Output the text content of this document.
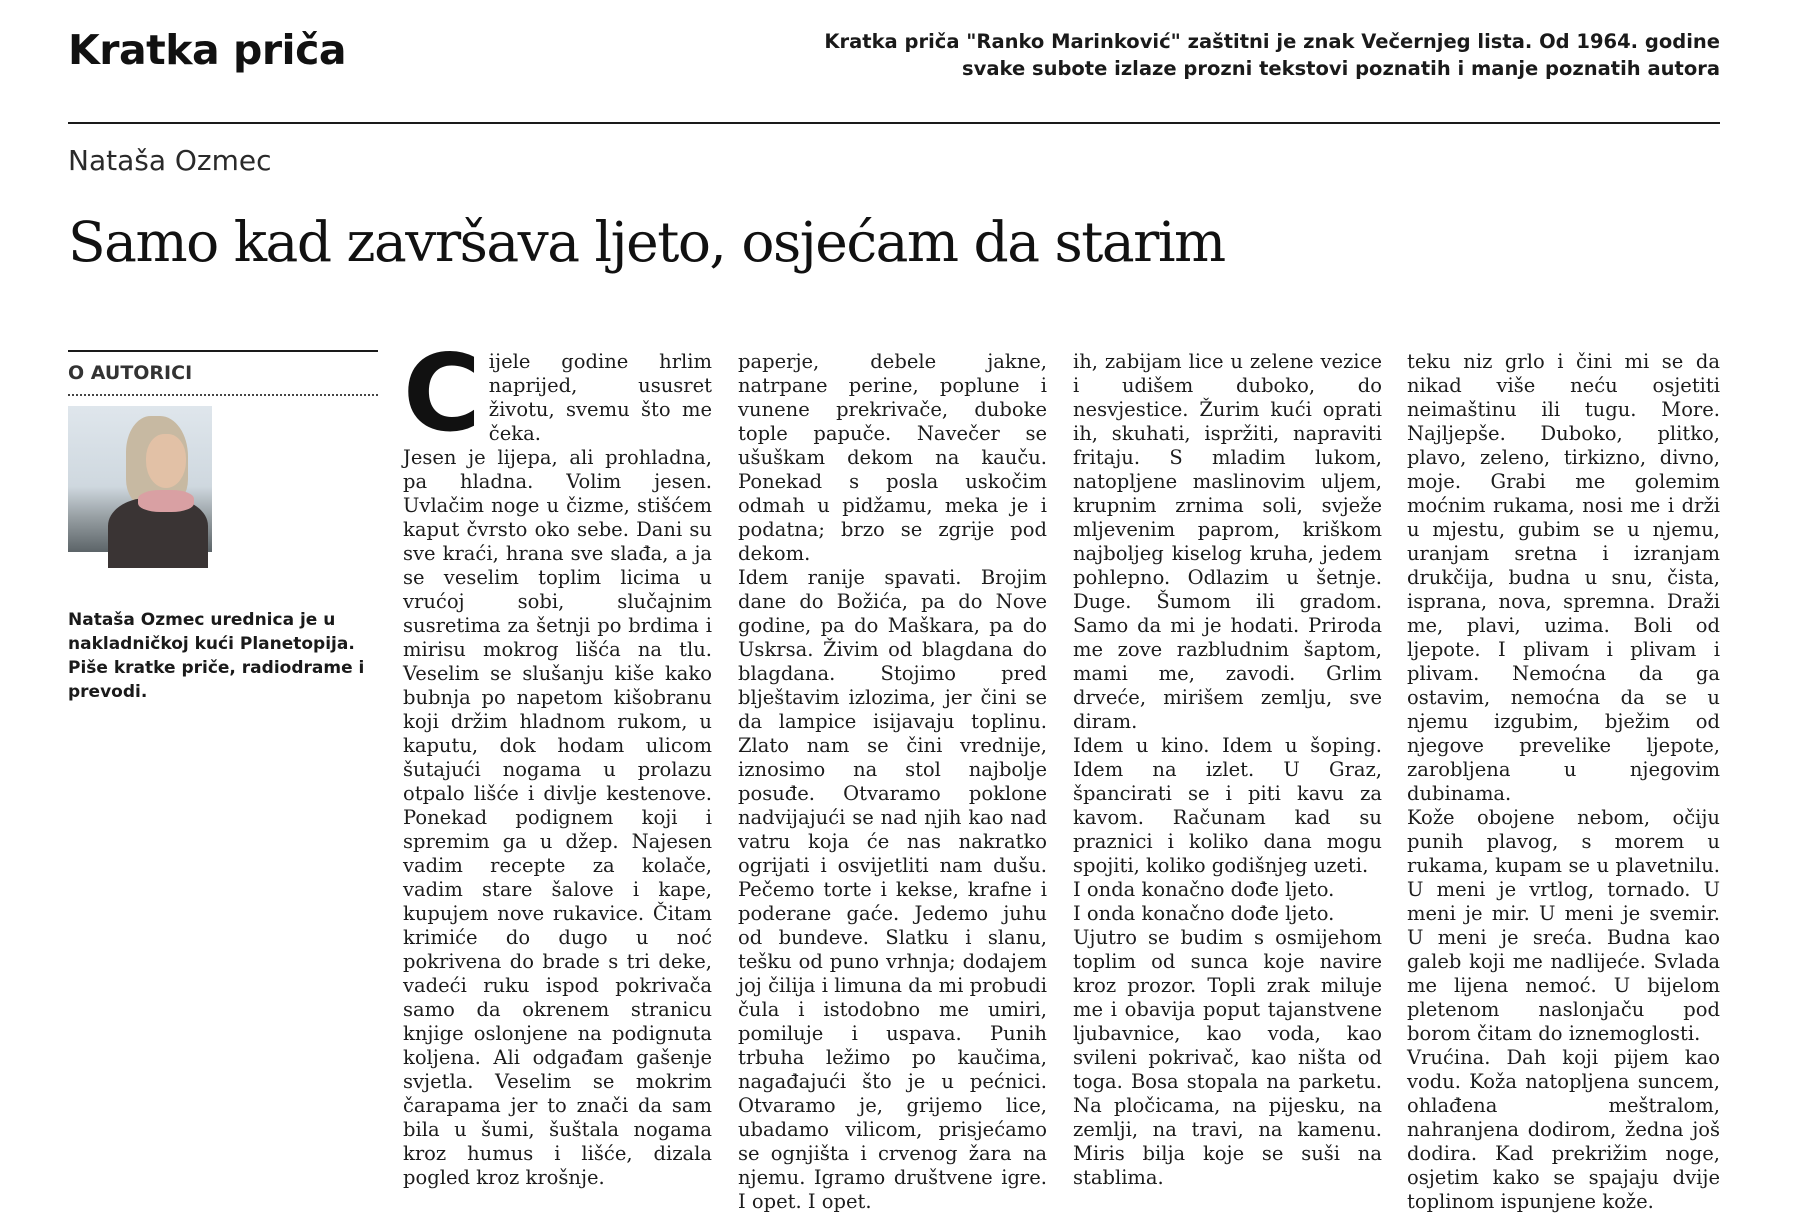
Kratka priča	Kratka priča "Ranko Marinković" zaštitni je znak Večernjeg lista. Od 1964. godine svake subote izlaze prozni tekstovi poznatih i manje poznatih autora
Nataša Ozmec
Samo kad završava ljeto, osjećam da starim
O AUTORICI
Nataša Ozmec urednica je u nakladničkoj kući Planetopija. Piše kratke priče, radiodrame i prevodi.
C ijele godine hrlim naprijed, ususret životu, svemu što me čeka.

Jesen je lijepa, ali prohladna, pa hladna. Volim jesen. Uvlačim noge u čizme, stišćem kaput čvrsto oko sebe. Dani su sve kraći, hrana sve slađa, a ja se veselim toplim licima u vrućoj sobi, slučajnim susretima za šetnji po brdima i mirisu mokrog lišća na tlu. Veselim se slušanju kiše kako bubnja po napetom kišobranu koji držim hladnom rukom, u kaputu, dok hodam ulicom šutajući nogama u prolazu otpalo lišće i divlje kestenove. Ponekad podignem koji i spremim ga u džep. Najesen vadim recepte za kolače, vadim stare šalove i kape, kupujem nove rukavice. Čitam krimiće do dugo u noć pokrivena do brade s tri deke, vadeći ruku ispod pokrivača samo da okrenem stranicu knjige oslonjene na podignuta koljena. Ali odgađam gašenje svjetla. Veselim se mokrim čarapama jer to znači da sam bila u šumi, šuštala nogama kroz humus i lišće, dizala pogled kroz krošnje.

paperje, debele jakne, natrpane perine, poplune i vunene prekrivače, duboke tople papuče. Navečer se ušuškam dekom na kauču. Ponekad s posla uskočim odmah u pidžamu, meka je i podatna; brzo se zgrije pod dekom.

Idem ranije spavati. Brojim dane do Božića, pa do Nove godine, pa do Maškara, pa do Uskrsa. Živim od blagdana do blagdana. Stojimo pred blještavim izlozima, jer čini se da lampice isijavaju toplinu. Zlato nam se čini vrednije, iznosimo na stol najbolje posuđe. Otvaramo poklone nadvijajući se nad njih kao nad vatru koja će nas nakratko ogrijati i osvijetliti nam dušu. Pečemo torte i kekse, krafne i poderane gaće. Jedemo juhu od bundeve. Slatku i slanu, tešku od puno vrhnja; dodajem joj čilija i limuna da mi probudi čula i istodobno me umiri, pomiluje i uspava. Punih trbuha ležimo po kaučima, nagađajući što je u pećnici. Otvaramo je, grijemo lice, ubadamo vilicom, prisjećamo se ognjišta i crvenog žara na njemu. Igramo društvene igre. I opet. I opet.

ih, zabijam lice u zelene vezice i udišem duboko, do nesvjestice. Žurim kući oprati ih, skuhati, ispržiti, napraviti fritaju. S mladim lukom, natopljene maslinovim uljem, krupnim zrnima soli, svježe mljevenim paprom, kriškom najboljeg kiselog kruha, jedem pohlepno. Odlazim u šetnje. Duge. Šumom ili gradom. Samo da mi je hodati. Priroda me zove razbludnim šaptom, mami me, zavodi. Grlim drveće, mirišem zemlju, sve diram.

Idem u kino. Idem u šoping. Idem na izlet. U Graz, špancirati se i piti kavu za kavom. Računam kad su praznici i koliko dana mogu spojiti, koliko godišnjeg uzeti.

I onda konačno dođe ljeto.

I onda konačno dođe ljeto.

Ujutro se budim s osmijehom toplim od sunca koje navire kroz prozor. Topli zrak miluje me i obavija poput tajanstvene ljubavnice, kao voda, kao svileni pokrivač, kao ništa od toga. Bosa stopala na parketu. Na pločicama, na pijesku, na zemlji, na travi, na kamenu. Miris bilja koje se suši na stablima.

teku niz grlo i čini mi se da nikad više neću osjetiti neimaštinu ili tugu. More. Najljepše. Duboko, plitko, plavo, zeleno, tirkizno, divno, moje. Grabi me golemim moćnim rukama, nosi me i drži u mjestu, gubim se u njemu, uranjam sretna i izranjam drukčija, budna u snu, čista, isprana, nova, spremna. Draži me, plavi, uzima. Boli od ljepote. I plivam i plivam i plivam. Nemoćna da ga ostavim, nemoćna da se u njemu izgubim, bježim od njegove prevelike ljepote, zarobljena u njegovim dubinama.

Kože obojene nebom, očiju punih plavog, s morem u rukama, kupam se u plavetnilu. U meni je vrtlog, tornado. U meni je mir. U meni je svemir. U meni je sreća. Budna kao galeb koji me nadlijeće. Svlada me lijena nemoć. U bijelom pletenom naslonjaču pod borom čitam do iznemoglosti.

Vrućina. Dah koji pijem kao vodu. Koža natopljena suncem, ohlađena meštralom, nahranjena dodirom, žedna još dodira. Kad prekrižim noge, osjetim kako se spajaju dvije toplinom ispunjene kože.
